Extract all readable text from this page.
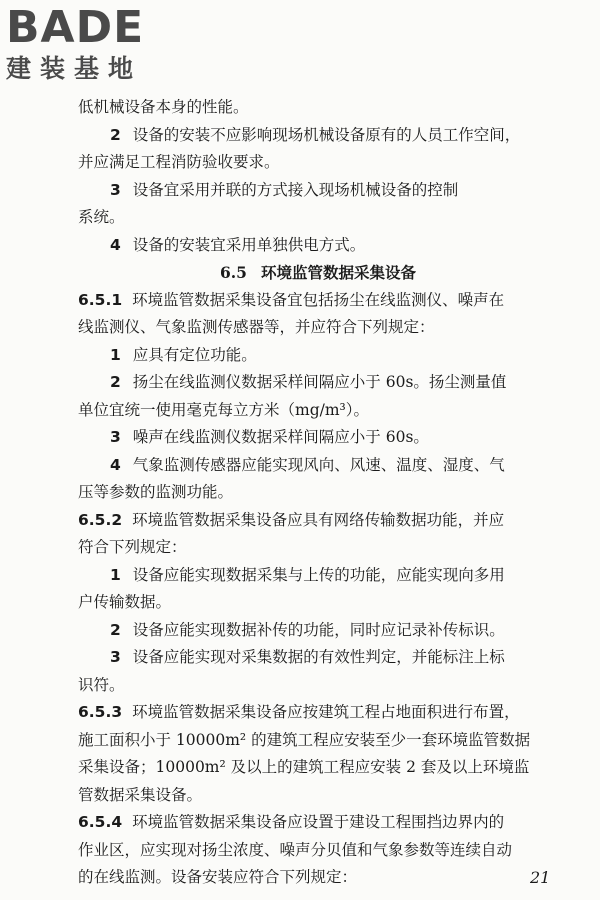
BADE
建装基地
低机械设备本身的性能。
2 设备的安装不应影响现场机械设备原有的人员工作空间，
并应满足工程消防验收要求。
3 设备宜采用并联的方式接入现场机械设备的控制
系统。
4 设备的安装宜采用单独供电方式。
6.5 环境监管数据采集设备
6.5.1 环境监管数据采集设备宜包括扬尘在线监测仪、噪声在
线监测仪、气象监测传感器等，并应符合下列规定：
1 应具有定位功能。
2 扬尘在线监测仪数据采样间隔应小于 60s。扬尘测量值
单位宜统一使用毫克每立方米（mg/m³）。
3 噪声在线监测仪数据采样间隔应小于 60s。
4 气象监测传感器应能实现风向、风速、温度、湿度、气
压等参数的监测功能。
6.5.2 环境监管数据采集设备应具有网络传输数据功能，并应
符合下列规定：
1 设备应能实现数据采集与上传的功能，应能实现向多用
户传输数据。
2 设备应能实现数据补传的功能，同时应记录补传标识。
3 设备应能实现对采集数据的有效性判定，并能标注上标
识符。
6.5.3 环境监管数据采集设备应按建筑工程占地面积进行布置，
施工面积小于 10000m² 的建筑工程应安装至少一套环境监管数据
采集设备；10000m² 及以上的建筑工程应安装 2 套及以上环境监
管数据采集设备。
6.5.4 环境监管数据采集设备应设置于建设工程围挡边界内的
作业区，应实现对扬尘浓度、噪声分贝值和气象参数等连续自动
的在线监测。设备安装应符合下列规定：	21
